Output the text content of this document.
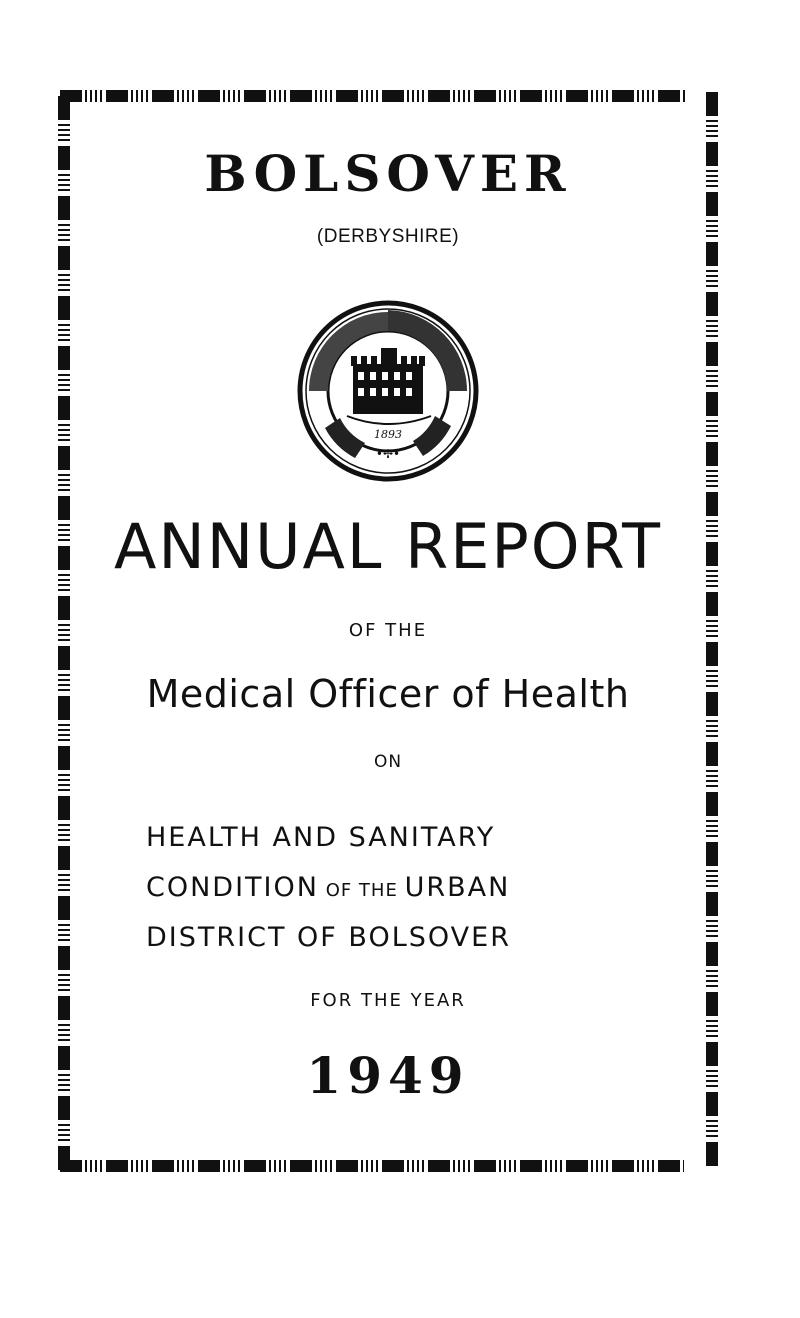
BOLSOVER

(DERBYSHIRE)

1893
•✢•
ANNUAL REPORT

OF THE

Medical Officer of Health

ON

HEALTH AND SANITARY

CONDITION OF THE URBAN

DISTRICT OF BOLSOVER

FOR THE YEAR

1949
